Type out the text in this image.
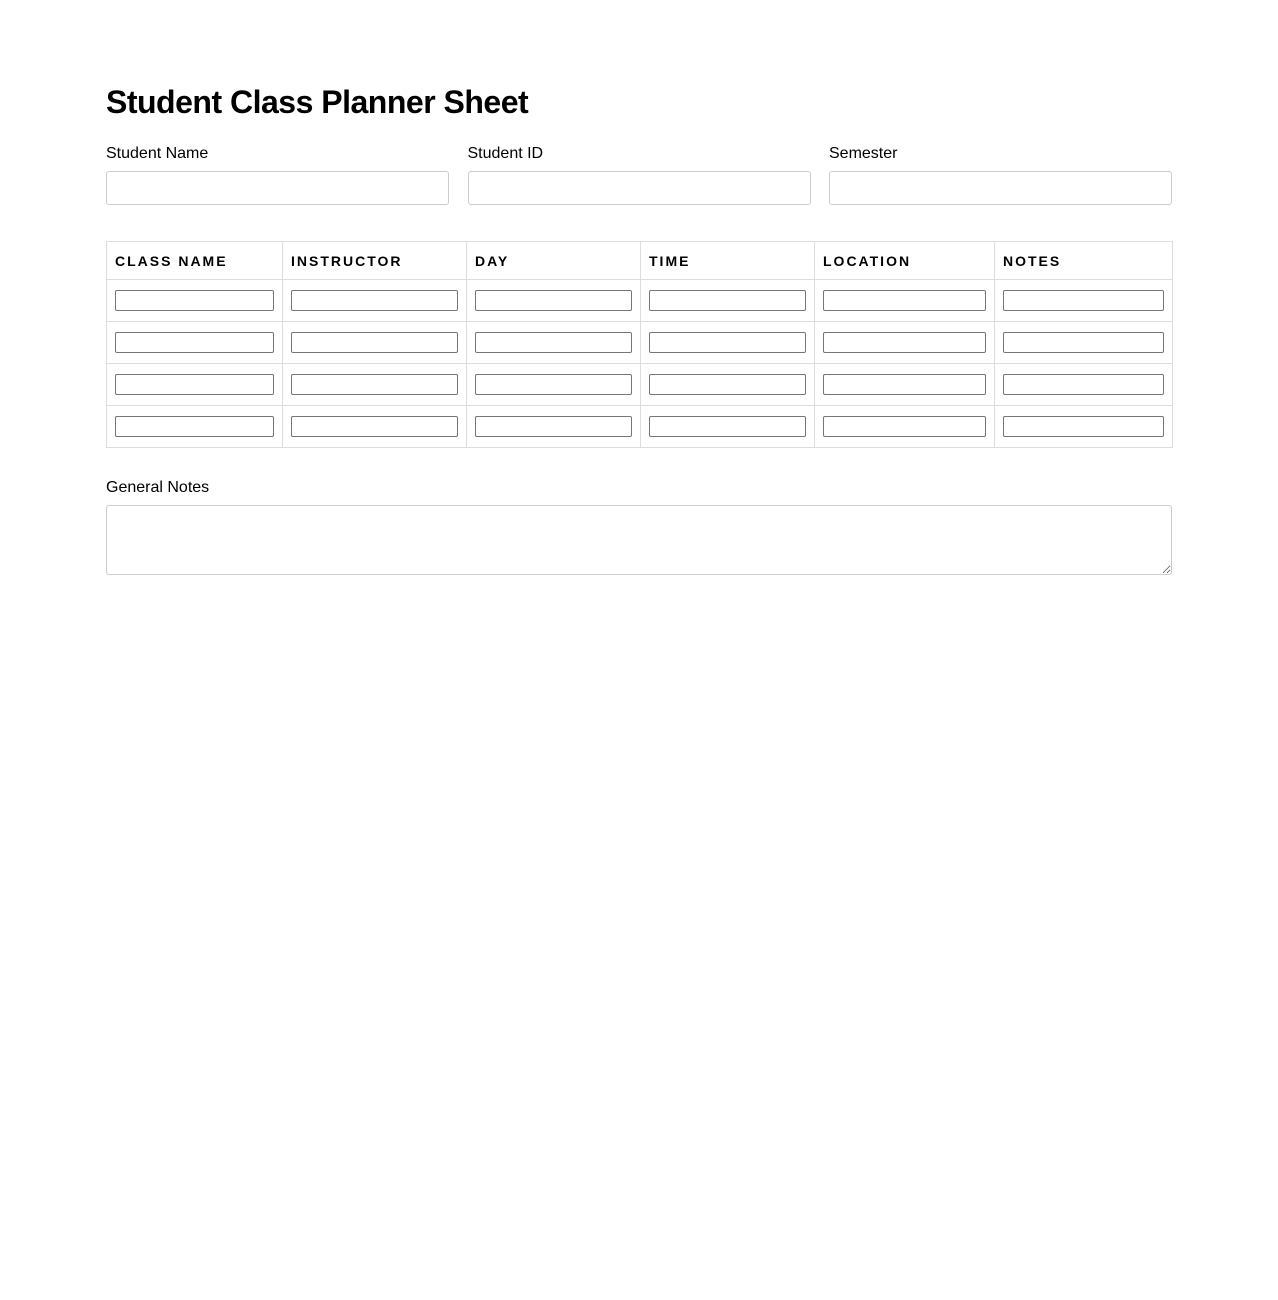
Student Class Planner Sheet
Student Name	Student ID	Semester
CLASS NAME	INSTRUCTOR	DAY	TIME	LOCATION	NOTES

General Notes
